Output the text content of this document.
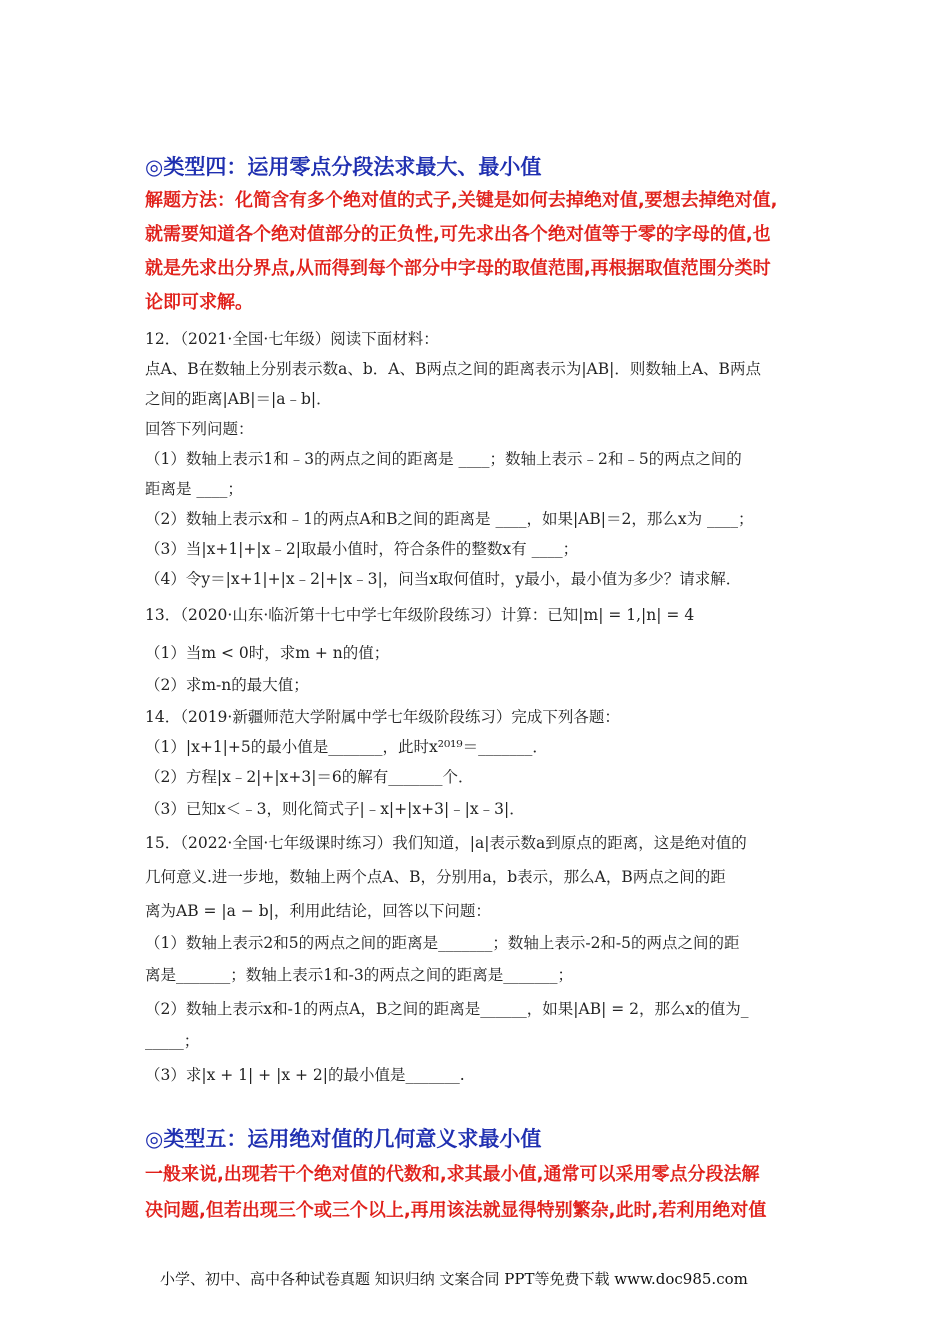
◎类型四：运用零点分段法求最大、最小值
解题方法：化简含有多个绝对值的式子,关键是如何去掉绝对值,要想去掉绝对值,
就需要知道各个绝对值部分的正负性,可先求出各个绝对值等于零的字母的值,也
就是先求出分界点,从而得到每个部分中字母的取值范围,再根据取值范围分类时
论即可求解。
12．（2021·全国·七年级）阅读下面材料：
点A、B在数轴上分别表示数a、b．A、B两点之间的距离表示为|AB|．则数轴上A、B两点
之间的距离|AB|＝|a﹣b|．
回答下列问题：
（1）数轴上表示1和﹣3的两点之间的距离是 ____；数轴上表示﹣2和﹣5的两点之间的
距离是 ____；
（2）数轴上表示x和﹣1的两点A和B之间的距离是 ____，如果|AB|＝2，那么x为 ____；
（3）当|x+1|+|x﹣2|取最小值时，符合条件的整数x有 ____；
（4）令y＝|x+1|+|x﹣2|+|x﹣3|，问当x取何值时，y最小，最小值为多少？请求解．
13．（2020·山东·临沂第十七中学七年级阶段练习）计算：已知|m| = 1,|n| = 4
（1）当m < 0时，求m + n的值；
（2）求m-n的最大值；
14．（2019·新疆师范大学附属中学七年级阶段练习）完成下列各题：
（1）|x+1|+5的最小值是_______，此时x²⁰¹⁹＝_______．
（2）方程|x﹣2|+|x+3|＝6的解有_______个．
（3）已知x＜﹣3，则化简式子|﹣x|+|x+3|﹣|x﹣3|．
15．（2022·全国·七年级课时练习）我们知道，|a|表示数a到原点的距离，这是绝对值的
几何意义.进一步地，数轴上两个点A、B，分别用a，b表示，那么A，B两点之间的距
离为AB = |a − b|，利用此结论，回答以下问题：
（1）数轴上表示2和5的两点之间的距离是_______；数轴上表示-2和-5的两点之间的距
离是_______；数轴上表示1和-3的两点之间的距离是_______；
（2）数轴上表示x和-1的两点A，B之间的距离是______，如果|AB| = 2，那么x的值为_
_____；
（3）求|x + 1| + |x + 2|的最小值是_______.
◎类型五：运用绝对值的几何意义求最小值
一般来说,出现若干个绝对值的代数和,求其最小值,通常可以采用零点分段法解
决问题,但若出现三个或三个以上,再用该法就显得特别繁杂,此时,若利用绝对值
小学、初中、高中各种试卷真题 知识归纳 文案合同 PPT等免费下载 www.doc985.com
